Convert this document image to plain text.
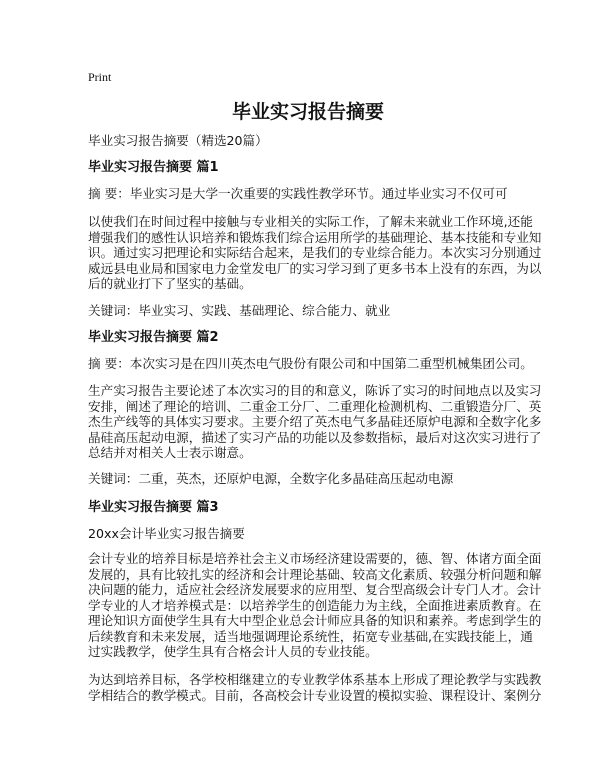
Print
毕业实习报告摘要
毕业实习报告摘要（精选20篇）
毕业实习报告摘要 篇1
摘 要：毕业实习是大学一次重要的实践性教学环节。通过毕业实习不仅可可
以使我们在时间过程中接触与专业相关的实际工作，了解未来就业工作环境,还能
增强我们的感性认识培养和锻炼我们综合运用所学的基础理论、基本技能和专业知
识。通过实习把理论和实际结合起来，是我们的专业综合能力。本次实习分别通过
威远县电业局和国家电力金堂发电厂的实习学习到了更多书本上没有的东西，为以
后的就业打下了坚实的基础。
关键词：毕业实习、实践、基础理论、综合能力、就业
毕业实习报告摘要 篇2
摘 要：本次实习是在四川英杰电气股份有限公司和中国第二重型机械集团公司。
生产实习报告主要论述了本次实习的目的和意义，陈诉了实习的时间地点以及实习
安排，阐述了理论的培训、二重金工分厂、二重理化检测机构、二重锻造分厂、英
杰生产线等的具体实习要求。主要介绍了英杰电气多晶硅还原炉电源和全数字化多
晶硅高压起动电源，描述了实习产品的功能以及参数指标，最后对这次实习进行了
总结并对相关人士表示谢意。
关键词：二重，英杰，还原炉电源，全数字化多晶硅高压起动电源
毕业实习报告摘要 篇3
20xx会计毕业实习报告摘要
会计专业的培养目标是培养社会主义市场经济建设需要的，德、智、体诸方面全面
发展的，具有比较扎实的经济和会计理论基础、较高文化素质、较强分析问题和解
决问题的能力，适应社会经济发展要求的应用型、复合型高级会计专门人才。会计
学专业的人才培养模式是：以培养学生的创造能力为主线，全面推进素质教育。在
理论知识方面使学生具有大中型企业总会计师应具备的知识和素养。考虑到学生的
后续教育和未来发展，适当地强调理论系统性，拓宽专业基础,在实践技能上，通
过实践教学，使学生具有合格会计人员的专业技能。
为达到培养目标，各学校相继建立的专业教学体系基本上形成了理论教学与实践教
学相结合的教学模式。目前，各高校会计专业设置的模拟实验、课程设计、案例分
